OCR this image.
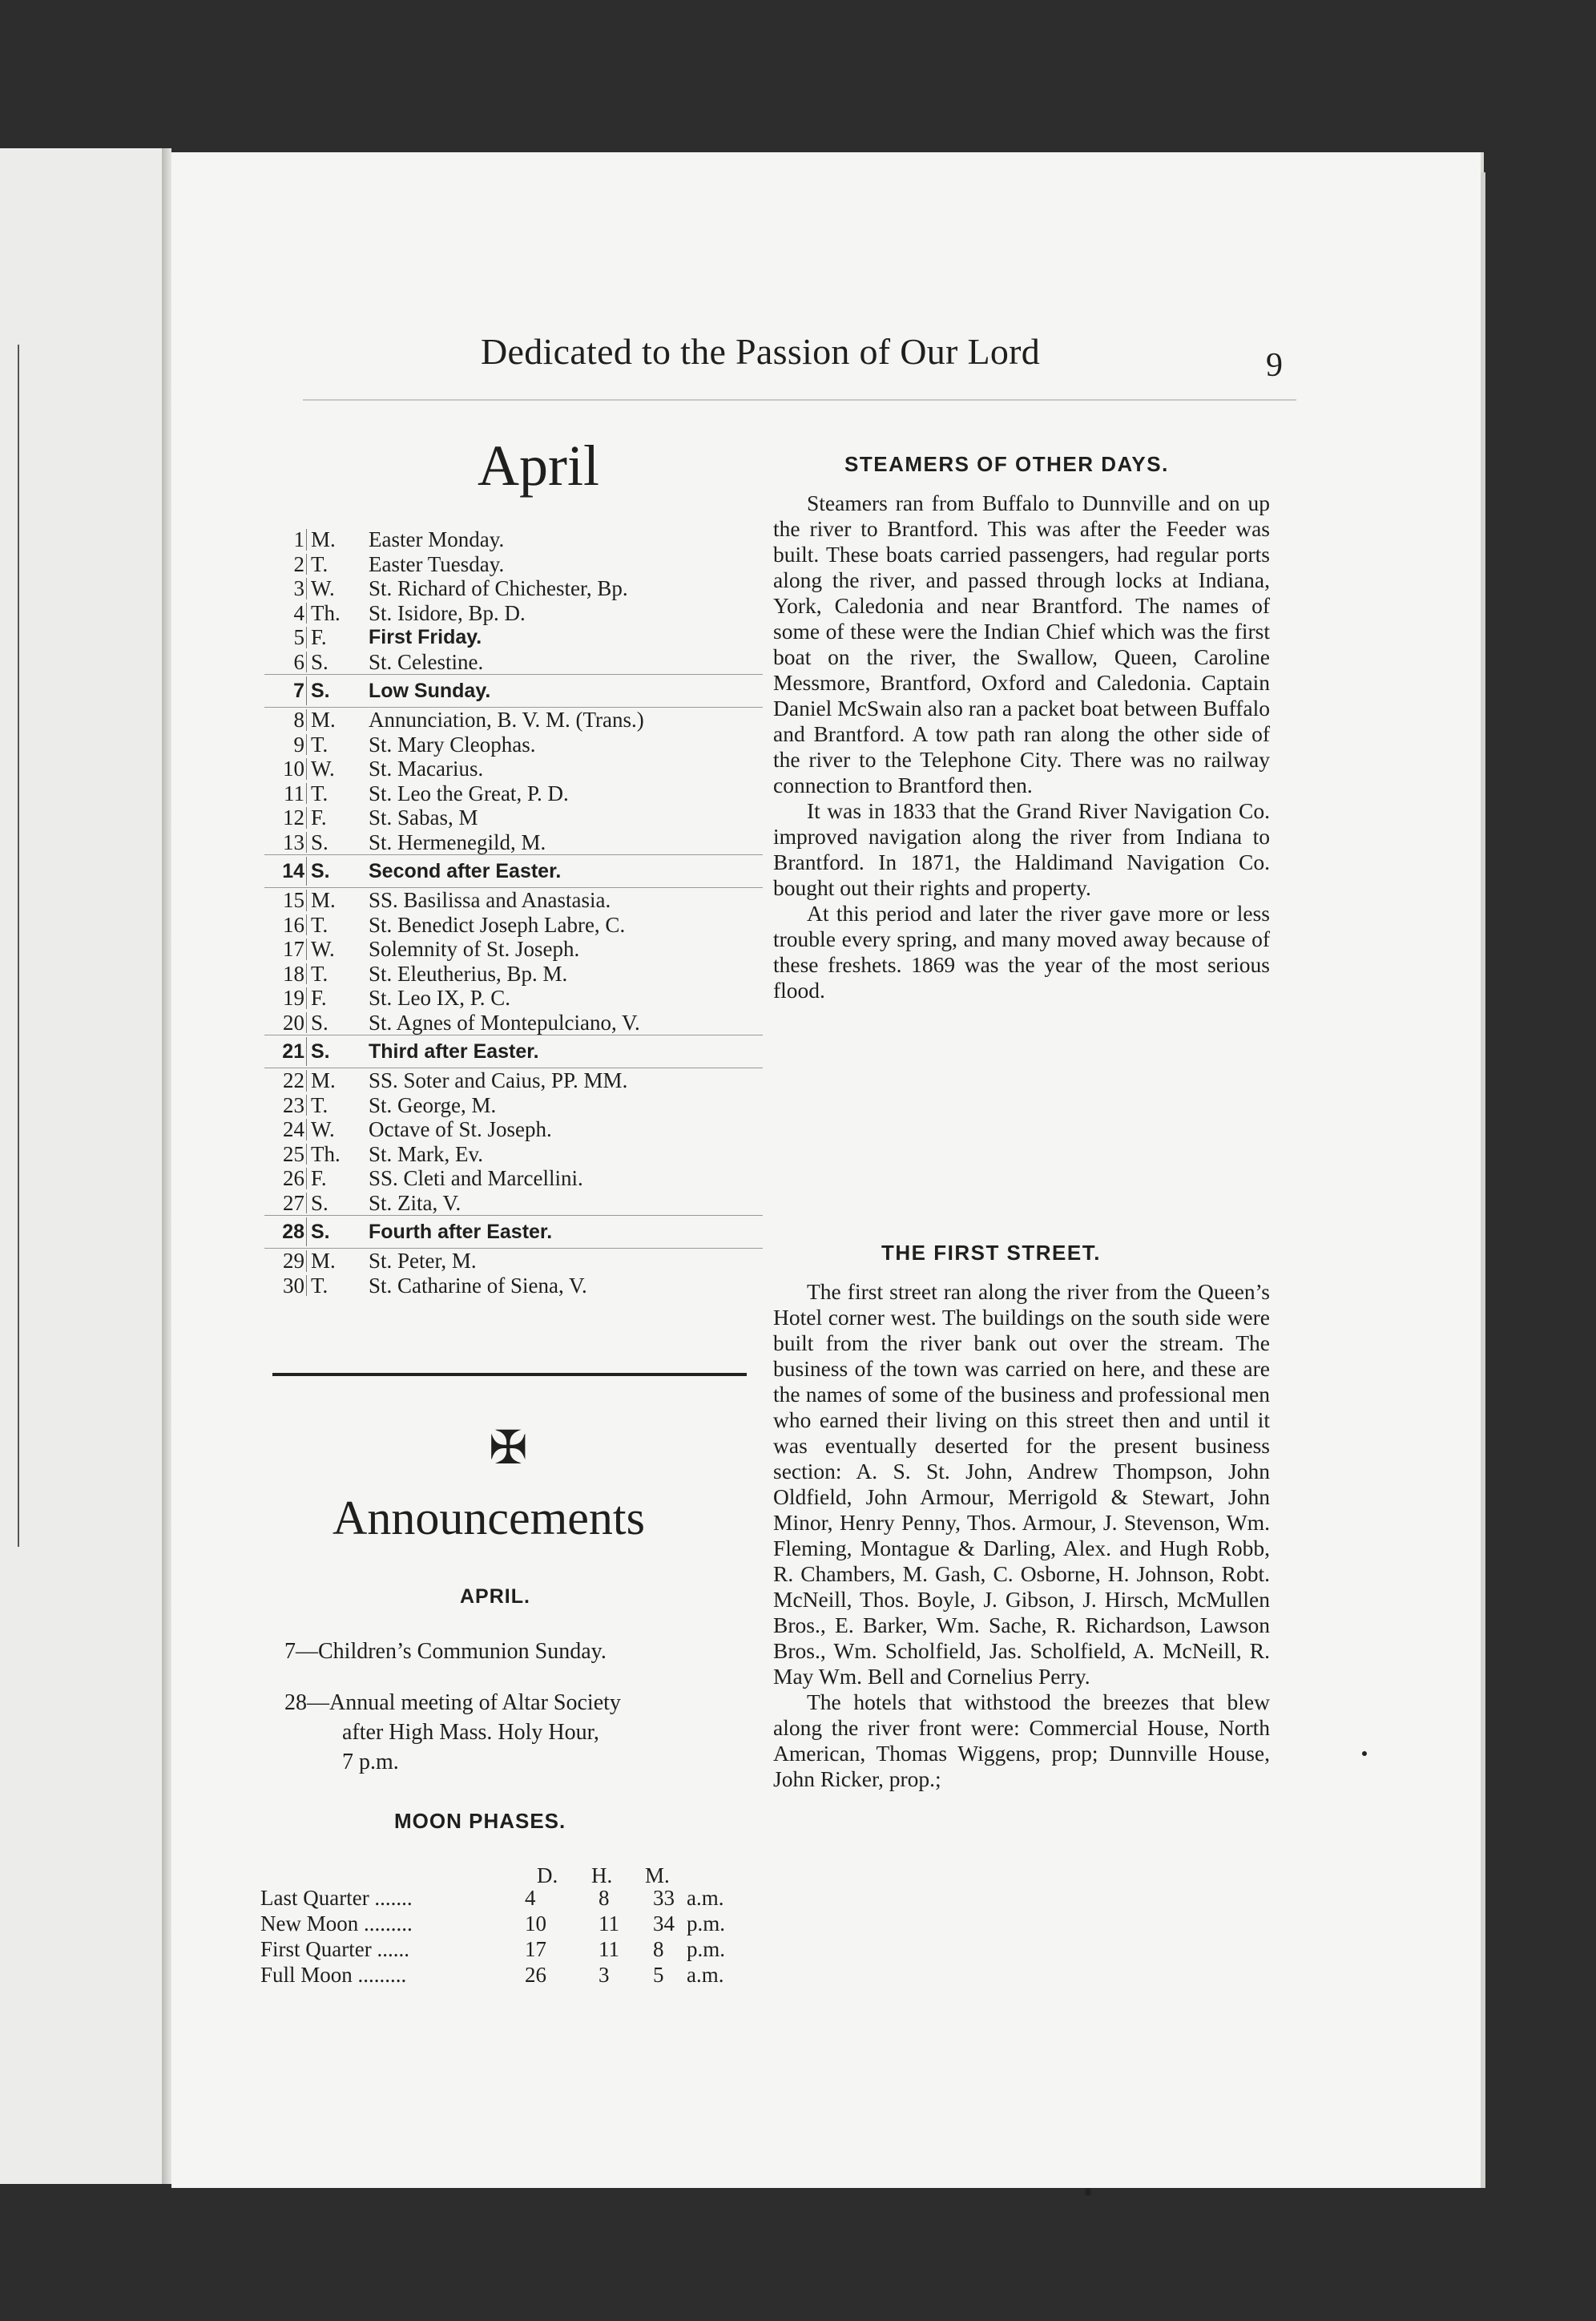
Dedicated to the Passion of Our Lord	9
April
1 M. Easter Monday.
2 T. Easter Tuesday.
3 W. St. Richard of Chichester, Bp.
4 Th. St. Isidore, Bp. D.
5 F. First Friday.
6 S. St. Celestine.
7 S. Low Sunday.
8 M. Annunciation, B. V. M. (Trans.)
9 T. St. Mary Cleophas.
10 W. St. Macarius.
11 T. St. Leo the Great, P. D.
12 F. St. Sabas, M
13 S. St. Hermenegild, M.
14 S. Second after Easter.
15 M. SS. Basilissa and Anastasia.
16 T. St. Benedict Joseph Labre, C.
17 W. Solemnity of St. Joseph.
18 T. St. Eleutherius, Bp. M.
19 F. St. Leo IX, P. C.
20 S. St. Agnes of Montepulciano, V.
21 S. Third after Easter.
22 M. SS. Soter and Caius, PP. MM.
23 T. St. George, M.
24 W. Octave of St. Joseph.
25 Th. St. Mark, Ev.
26 F. SS. Cleti and Marcellini.
27 S. St. Zita, V.
28 S. Fourth after Easter.
29 M. St. Peter, M.
30 T. St. Catharine of Siena, V.
✠
Announcements
APRIL.
7—Children’s Communion Sunday.
28—Annual meeting of Altar Society
after High Mass. Holy Hour,
7 p.m.
MOON PHASES.
D. H. M.
Last Quarter .......	4	8 33 a.m.
New Moon .........	10 11 34 p.m.
First Quarter ......	17 11 8 p.m.
Full Moon .........	26 3 5 a.m.
STEAMERS OF OTHER DAYS.

Steamers ran from Buffalo to Dunnville and on up the river to Brantford. This was after the Feeder was built. These boats carried passengers, had regular ports along the river, and passed through locks at Indiana, York, Caledonia and near Brantford. The names of some of these were the Indian Chief which was the first boat on the river, the Swallow, Queen, Caroline Messmore, Brantford, Oxford and Caledonia. Captain Daniel McSwain also ran a packet boat between Buffalo and Brantford. A tow path ran along the other side of the river to the Telephone City. There was no railway connection to Brantford then.

It was in 1833 that the Grand River Navigation Co. improved navigation along the river from Indiana to Brantford. In 1871, the Haldimand Navigation Co. bought out their rights and property.

At this period and later the river gave more or less trouble every spring, and many moved away because of these freshets. 1869 was the year of the most serious flood.

THE FIRST STREET.

The first street ran along the river from the Queen’s Hotel corner west. The buildings on the south side were built from the river bank out over the stream. The business of the town was carried on here, and these are the names of some of the business and professional men who earned their living on this street then and until it was eventually deserted for the present business section: A. S. St. John, Andrew Thompson, John Oldfield, John Armour, Merrigold & Stewart, John Minor, Henry Penny, Thos. Armour, J. Stevenson, Wm. Fleming, Montague & Darling, Alex. and Hugh Robb, R. Chambers, M. Gash, C. Osborne, H. Johnson, Robt. McNeill, Thos. Boyle, J. Gibson, J. Hirsch, McMullen Bros., E. Barker, Wm. Sache, R. Richardson, Lawson Bros., Wm. Scholfield, Jas. Scholfield, A. McNeill, R. May Wm. Bell and Cornelius Perry.

The hotels that withstood the breezes that blew along the river front were: Commercial House, North American, Thomas Wiggens, prop; Dunnville House, John Ricker, prop.;
